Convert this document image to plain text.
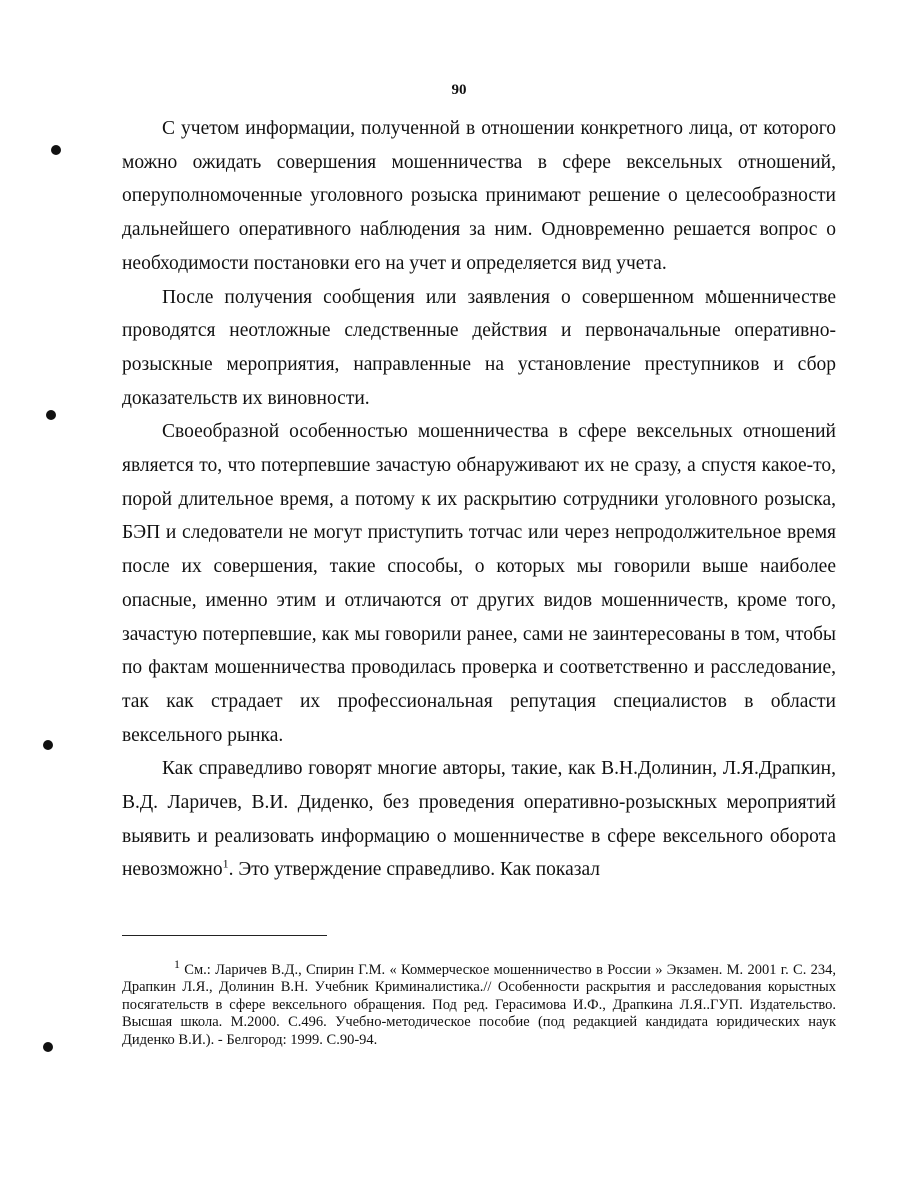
90

С учетом информации, полученной в отношении конкретного лица, от которого можно ожидать совершения мошенничества в сфере вексельных отношений, оперуполномоченные уголовного розыска принимают решение о целесообразности дальнейшего оперативного наблюдения за ним. Одновременно решается вопрос о необходимости постановки его на учет и определяется вид учета.

После получения сообщения или заявления о совершенном мошенничестве проводятся неотложные следственные действия и первоначальные оперативно-розыскные мероприятия, направленные на установление преступников и сбор доказательств их виновности.

Своеобразной особенностью мошенничества в сфере вексельных отношений является то, что потерпевшие зачастую обнаруживают их не сразу, а спустя какое-то, порой длительное время, а потому к их раскрытию сотрудники уголовного розыска, БЭП и следователи не могут приступить тотчас или через непродолжительное время после их совершения, такие способы, о которых мы говорили выше наиболее опасные, именно этим и отличаются от других видов мошенничеств, кроме того, зачастую потерпевшие, как мы говорили ранее, сами не заинтересованы в том, чтобы по фактам мошенничества проводилась проверка и соответственно и расследование, так как страдает их профессиональная репутация специалистов в области вексельного рынка.

Как справедливо говорят многие авторы, такие, как В.Н.Долинин, Л.Я.Драпкин, В.Д. Ларичев, В.И. Диденко, без проведения оперативно-розыскных мероприятий выявить и реализовать информацию о мошенничестве в сфере вексельного оборота невозможно$^1$. Это утверждение справедливо. Как показал

$^1$ См.: Ларичев В.Д., Спирин Г.М. « Коммерческое мошенничество в России » Экзамен. М. 2001 г. С. 234, Драпкин Л.Я., Долинин В.Н. Учебник Криминалистика.// Особенности раскрытия и расследования корыстных посягательств в сфере вексельного обращения. Под ред. Герасимова И.Ф., Драпкина Л.Я..ГУП. Издательство. Высшая школа. М.2000. С.496. Учебно-методическое пособие (под редакцией кандидата юридических наук Диденко В.И.). - Белгород: 1999. С.90-94.
